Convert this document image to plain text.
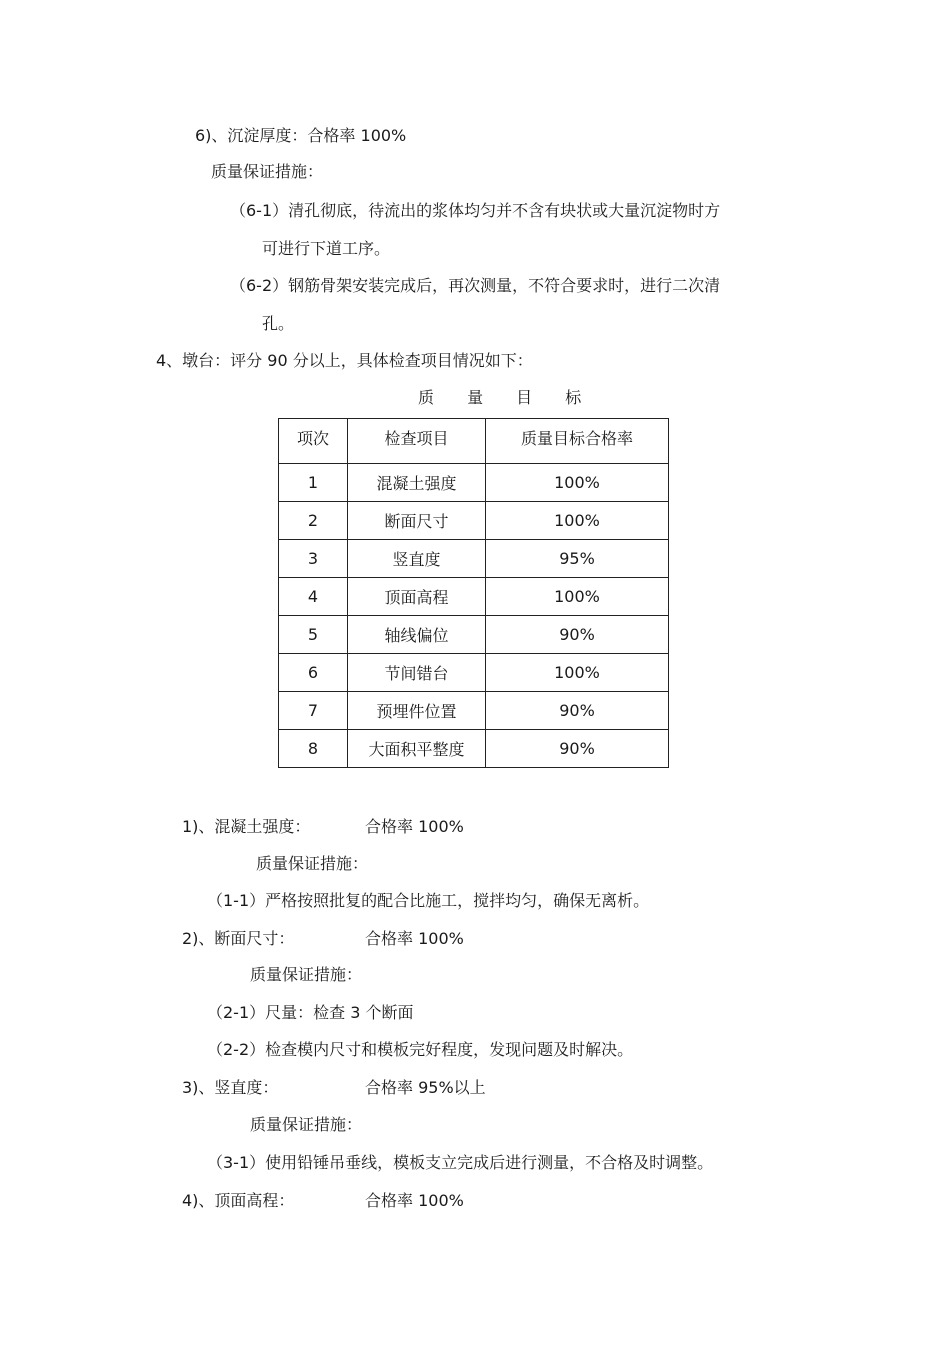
6)、沉淀厚度：合格率 100%
质量保证措施：
（6-1）清孔彻底，待流出的浆体均匀并不含有块状或大量沉淀物时方
可进行下道工序。
（6-2）钢筋骨架安装完成后，再次测量，不符合要求时，进行二次清
孔。
4、墩台：评分 90 分以上，具体检查项目情况如下：
质 量 目 标
项次	检查项目	质量目标合格率
1	混凝土强度	100%
2	断面尺寸	100%
3	竖直度	95%
4	顶面高程	100%
5	轴线偏位	90%
6	节间错台	100%
7	预埋件位置	90%
8	大面积平整度	90%
1)、混凝土强度：	合格率 100%
质量保证措施：
（1-1）严格按照批复的配合比施工，搅拌均匀，确保无离析。
2)、断面尺寸：	合格率 100%
质量保证措施：
（2-1）尺量：检查 3 个断面
（2-2）检查模内尺寸和模板完好程度，发现问题及时解决。
3)、竖直度：	合格率 95%以上
质量保证措施：
（3-1）使用铅锤吊垂线，模板支立完成后进行测量，不合格及时调整。
4)、顶面高程：	合格率 100%
